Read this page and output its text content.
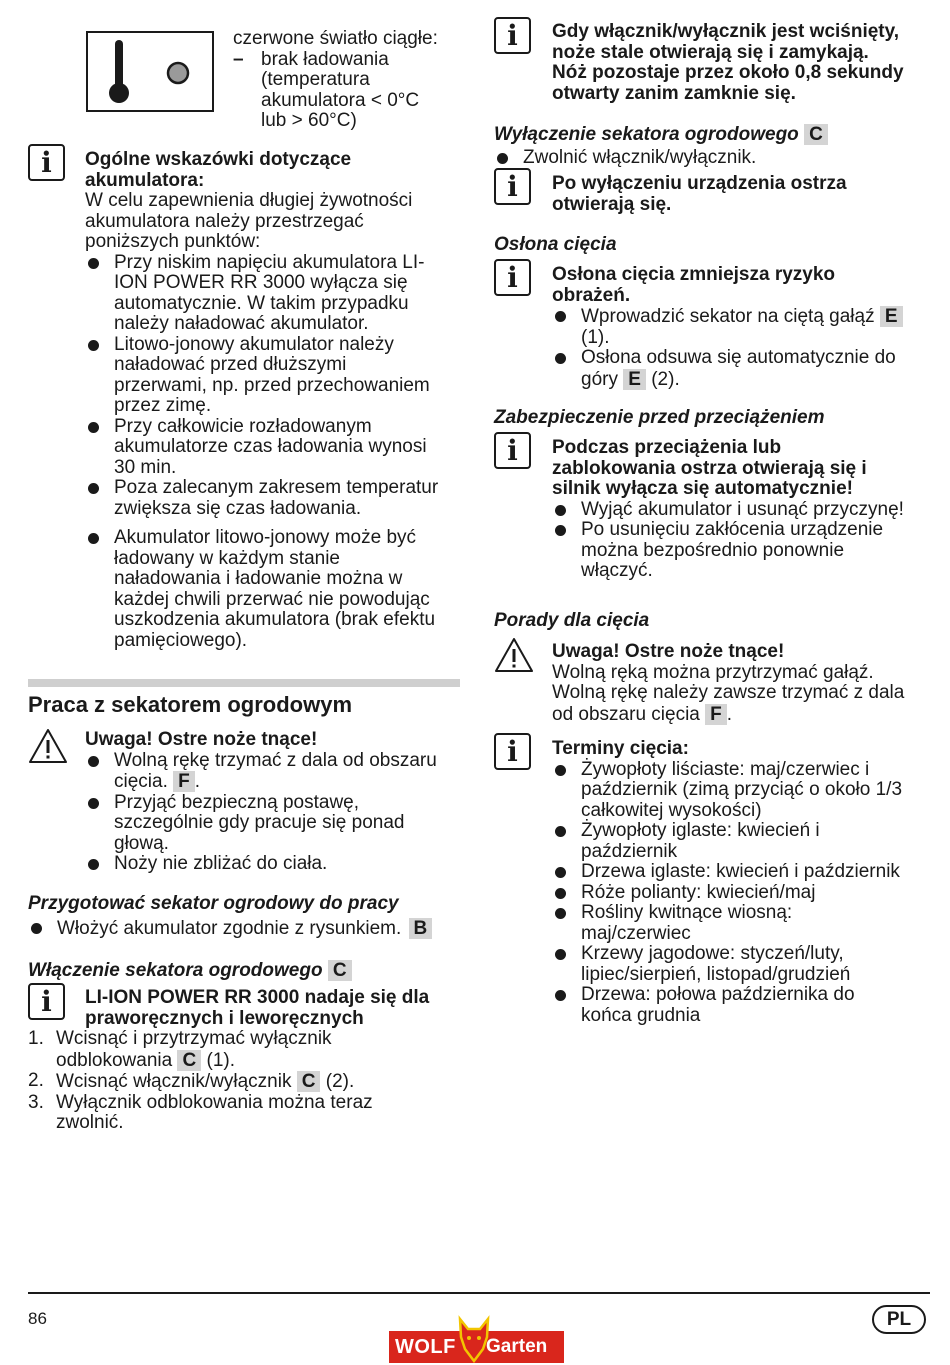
czerwone światło ciągłe:
– brak ładowania
(temperatura
akumulatora < 0°C
lub > 60°C)
i	Ogólne wskazówki dotyczące
akumulatora:
W celu zapewnienia długiej żywotności
akumulatora należy przestrzegać
poniższych punktów:
Przy niskim napięciu akumulatora LI-
ION POWER RR 3000 wyłącza się
automatycznie. W takim przypadku
należy naładować akumulator.
Litowo-jonowy akumulator należy
naładować przed dłuższymi
przerwami, np. przed przechowaniem
przez zimę.
Przy całkowicie rozładowanym
akumulatorze czas ładowania wynosi
30 min.
Poza zalecanym zakresem temperatur
zwiększa się czas ładowania.
Akumulator litowo-jonowy może być
ładowany w każdym stanie
naładowania i ładowanie można w
każdej chwili przerwać nie powodując
uszkodzenia akumulatora (brak efektu
pamięciowego).
Praca z sekatorem ogrodowym
Uwaga! Ostre noże tnące!
Wolną rękę trzymać z dala od obszaru
cięcia. F .
Przyjąć bezpieczną postawę,
szczególnie gdy pracuje się ponad
głową.
Noży nie zbliżać do ciała.
Przygotować sekator ogrodowy do pracy
Włożyć akumulator zgodnie z rysunkiem. B
Włączenie sekatora ogrodowego C
i	LI-ION POWER RR 3000 nadaje się dla
praworęcznych i leworęcznych
1. Wcisnąć i przytrzymać wyłącznik
odblokowania C (1).
2. Wcisnąć włącznik/wyłącznik C (2).
3. Wyłącznik odblokowania można teraz
zwolnić.
i	Gdy włącznik/wyłącznik jest wciśnięty,
noże stale otwierają się i zamykają.
Nóż pozostaje przez około 0,8 sekundy
otwarty zanim zamknie się.
Wyłączenie sekatora ogrodowego C
Zwolnić włącznik/wyłącznik.
i	Po wyłączeniu urządzenia ostrza
otwierają się.
Osłona cięcia
i	Osłona cięcia zmniejsza ryzyko
obrażeń.
Wprowadzić sekator na ciętą gałąź E
(1).
Osłona odsuwa się automatycznie do
góry E (2).
Zabezpieczenie przed przeciążeniem
i	Podczas przeciążenia lub
zablokowania ostrza otwierają się i
silnik wyłącza się automatycznie!
Wyjąć akumulator i usunąć przyczynę!
Po usunięciu zakłócenia urządzenie
można bezpośrednio ponownie
włączyć.
Porady dla cięcia
Uwaga! Ostre noże tnące!
Wolną ręką można przytrzymać gałąź.
Wolną rękę należy zawsze trzymać z dala
od obszaru cięcia F .
i	Terminy cięcia:
Żywopłoty liściaste: maj/czerwiec i
październik (zimą przyciąć o około 1/3
całkowitej wysokości)
Żywopłoty iglaste: kwiecień i
październik
Drzewa iglaste: kwiecień i październik
Róże polianty: kwiecień/maj
Rośliny kwitnące wiosną:
maj/czerwiec
Krzewy jagodowe: styczeń/luty,
lipiec/sierpień, listopad/grudzień
Drzewa: połowa października do
końca grudnia
86
WOLF Garten
PL
